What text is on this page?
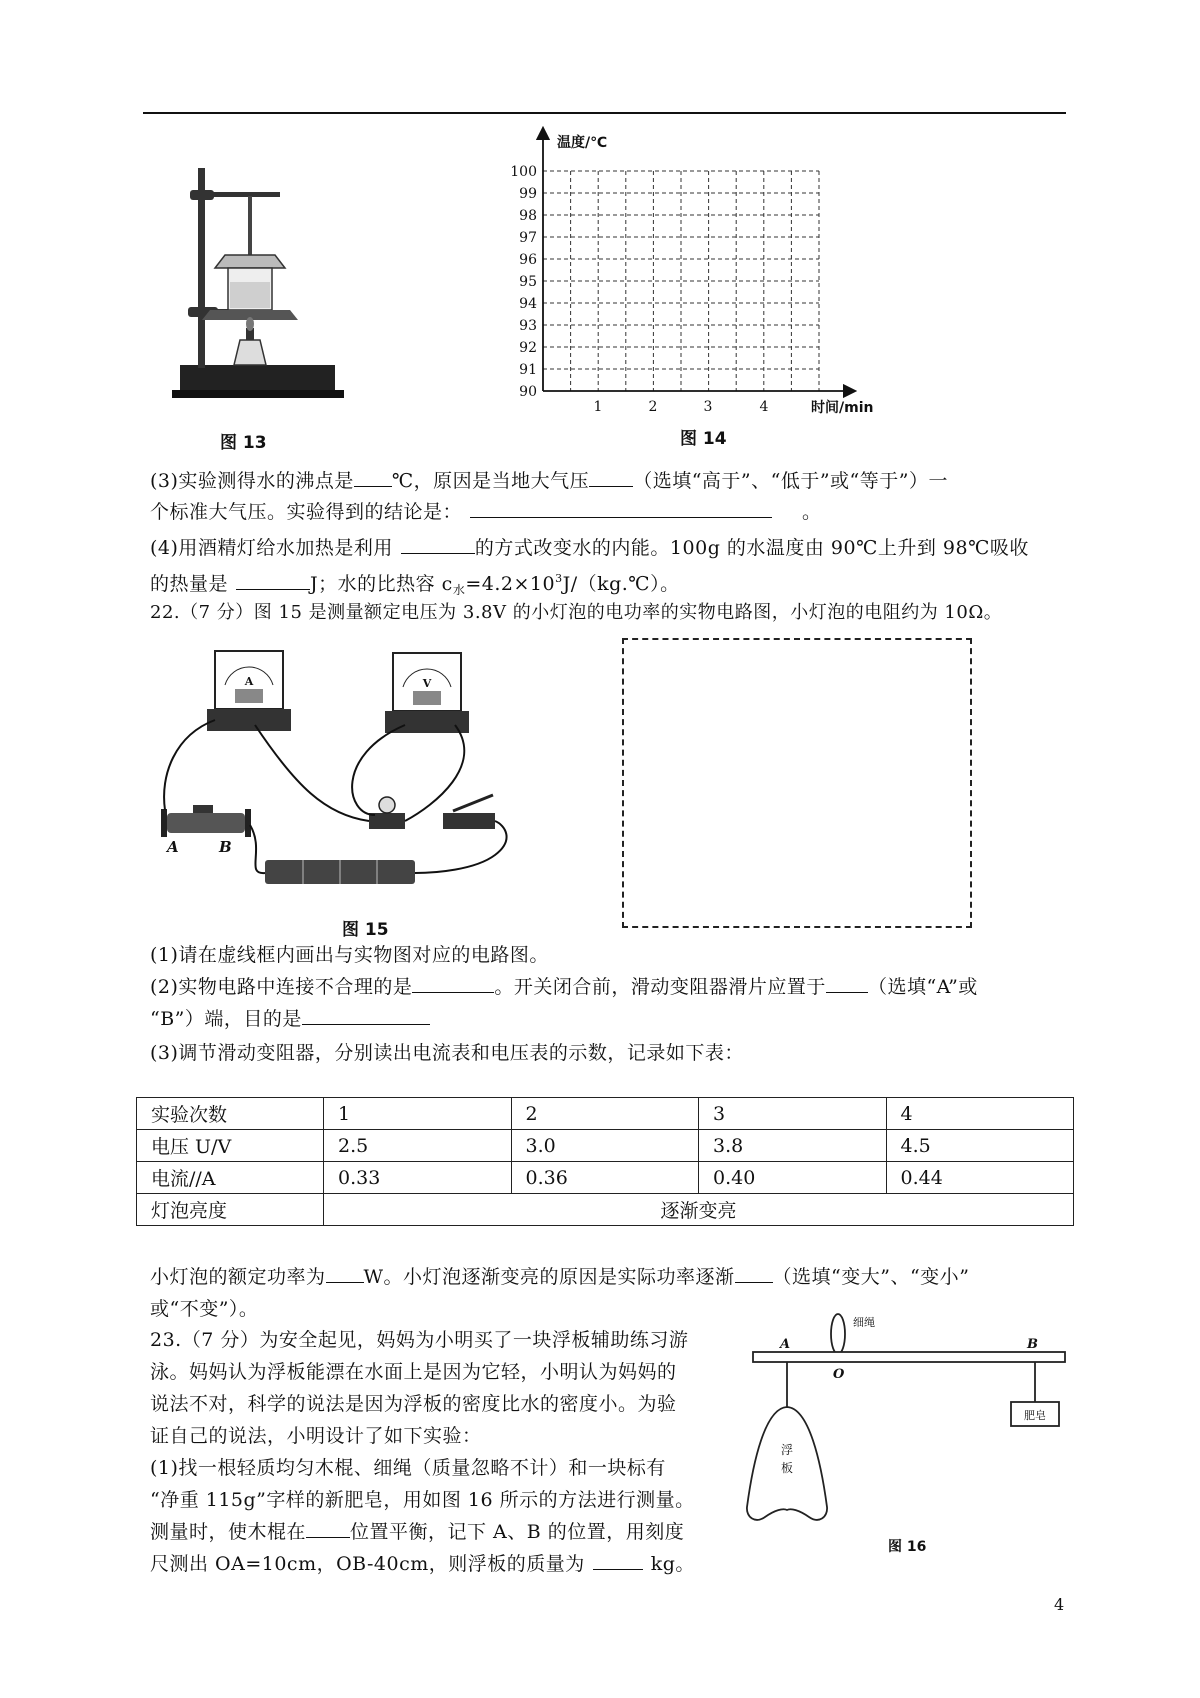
图 13
100
99
98
97
96
95
94
93
92
91
90
1	2	3	4
温度/℃
时间/min
图 14
(3)实验测得水的沸点是 ℃，原因是当地大气压 （选填“高于”、“低于”或“等于”）一
个标准大气压。实验得到的结论是：	。
(4)用酒精灯给水加热是利用	的方式改变水的内能。100g 的水温度由 90℃上升到 98℃吸收
的热量是	J；水的比热容 $c_水=4.2\times 10^3J/(kg.℃)$。
22.（7 分）图 15 是测量额定电压为 3.8V 的小灯泡的电功率的实物电路图，小灯泡的电阻约为 10Ω。
A	V
A	B
图 15
(1)请在虚线框内画出与实物图对应的电路图。
(2)实物电路中连接不合理的是	。开关闭合前，滑动变阻器滑片应置于 （选填“A”或
“B”）端，目的是
(3)调节滑动变阻器，分别读出电流表和电压表的示数，记录如下表：
实验次数	1	2	3	4
电压 U/V	2.5	3.0	3.8	4.5
电流//A	0.33	0.36	0.40	0.44
灯泡亮度	逐渐变亮			
小灯泡的额定功率为 W。小灯泡逐渐变亮的原因是实际功率逐渐 （选填“变大”、“变小”
或“不变”）。
23.（7 分）为安全起见，妈妈为小明买了一块浮板辅助练习游
泳。妈妈认为浮板能漂在水面上是因为它轻，小明认为妈妈的
说法不对，科学的说法是因为浮板的密度比水的密度小。为验
证自己的说法，小明设计了如下实验：
(1)找一根轻质均匀木棍、细绳（质量忽略不计）和一块标有
“净重 115g”字样的新肥皂，用如图 16 所示的方法进行测量。
测量时，使木棍在 位置平衡，记下 A、B 的位置，用刻度
尺测出 OA=10cm，OB-40cm，则浮板的质量为	kg。
细绳
A
O
B
浮
板
肥皂
图 16
4
